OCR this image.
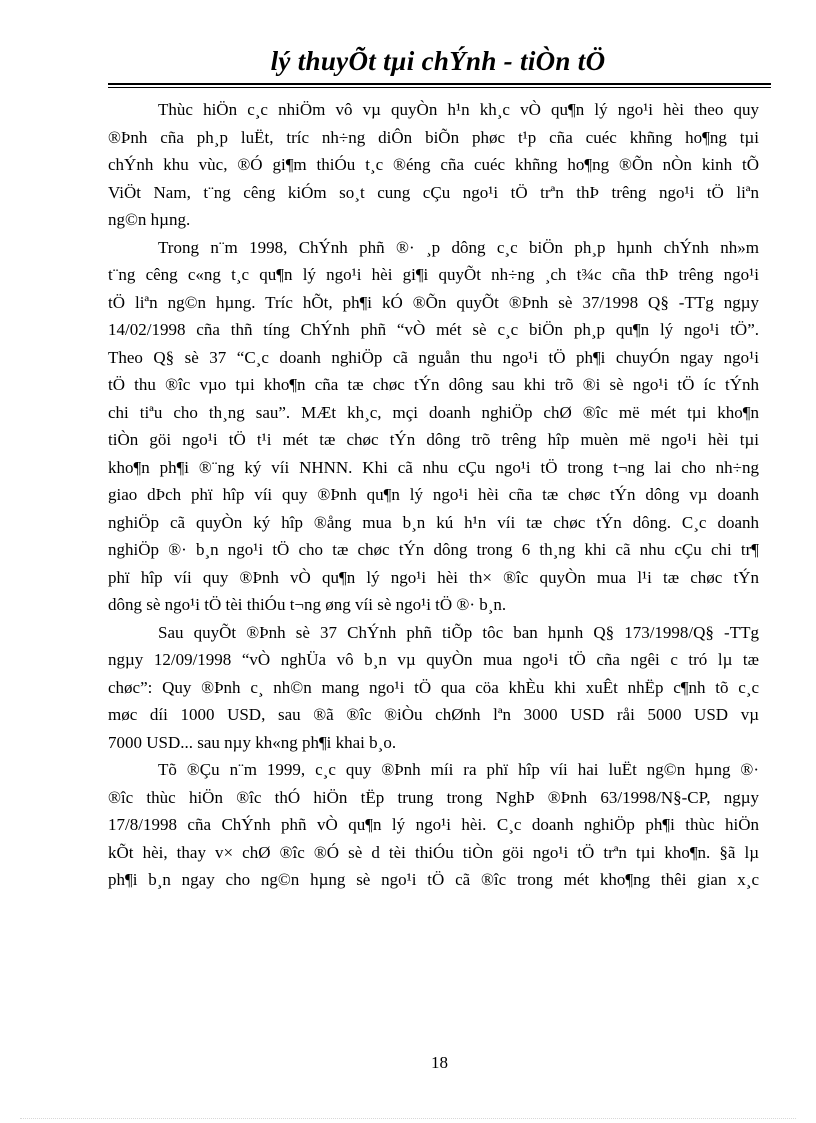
lý thuyÕt tµi chÝnh - tiÒn tÖ
Thùc hiÖn c¸c nhiÖm vô vµ quyÒn h¹n kh¸c vÒ qu¶n lý ngo¹i hèi theo quy
®Þnh cña ph¸p luËt, tríc nh÷ng diÔn biÕn phøc t¹p cña cuéc khñng ho¶ng tµi
chÝnh khu vùc, ®Ó gi¶m thiÓu t¸c ®éng cña cuéc khñng ho¶ng ®Õn nÒn kinh tÕ
ViÖt Nam, t¨ng cêng kiÓm so¸t cung cÇu ngo¹i tÖ trªn thÞ trêng ngo¹i tÖ liªn
ng©n hµng.
Trong n¨m 1998, ChÝnh phñ ®· ¸p dông c¸c biÖn ph¸p hµnh chÝnh nh»m
t¨ng cêng c«ng t¸c qu¶n lý ngo¹i hèi gi¶i quyÕt nh÷ng ¸ch t¾c cña thÞ trêng ngo¹i
tÖ liªn ng©n hµng. Tríc hÕt, ph¶i kÓ ®Õn quyÕt ®Þnh sè 37/1998 Q§ -TTg ngµy
14/02/1998 cña thñ tíng ChÝnh phñ “vÒ mét sè c¸c biÖn ph¸p qu¶n lý ngo¹i tÖ”.
Theo Q§ sè 37 “C¸c doanh nghiÖp cã nguån thu ngo¹i tÖ ph¶i chuyÓn ngay ngo¹i
tÖ thu ®îc vµo tµi kho¶n cña tæ chøc tÝn dông sau khi trõ ®i sè ngo¹i tÖ íc tÝnh
chi tiªu cho th¸ng sau”. MÆt kh¸c, mçi doanh nghiÖp chØ ®îc më mét tµi kho¶n
tiÒn göi ngo¹i tÖ t¹i mét tæ chøc tÝn dông trõ trêng hîp muèn më ngo¹i hèi tµi
kho¶n ph¶i ®¨ng ký víi NHNN. Khi cã nhu cÇu ngo¹i tÖ trong t¬ng lai cho nh÷ng
giao dÞch phï hîp víi quy ®Þnh qu¶n lý ngo¹i hèi cña tæ chøc tÝn dông vµ doanh
nghiÖp cã quyÒn ký hîp ®ång mua b¸n kú h¹n víi tæ chøc tÝn dông. C¸c doanh
nghiÖp ®· b¸n ngo¹i tÖ cho tæ chøc tÝn dông trong 6 th¸ng khi cã nhu cÇu chi tr¶
phï hîp víi quy ®Þnh vÒ qu¶n lý ngo¹i hèi th× ®îc quyÒn mua l¹i tæ chøc tÝn
dông sè ngo¹i tÖ tèi thiÓu t¬ng øng víi sè ngo¹i tÖ ®· b¸n.
Sau quyÕt ®Þnh sè 37 ChÝnh phñ tiÕp tôc ban hµnh Q§ 173/1998/Q§ -TTg
ngµy 12/09/1998 “vÒ nghÜa vô b¸n vµ quyÒn mua ngo¹i tÖ cña ngêi c tró lµ tæ
chøc”: Quy ®Þnh c¸ nh©n mang ngo¹i tÖ qua cöa khÈu khi xuÊt nhËp c¶nh tõ c¸c
møc díi 1000 USD, sau ®ã ®îc ®iÒu chØnh lªn 3000 USD råi 5000 USD vµ
7000 USD... sau nµy kh«ng ph¶i khai b¸o.
Tõ ®Çu n¨m 1999, c¸c quy ®Þnh míi ra phï hîp víi hai luËt ng©n hµng ®·
®îc thùc hiÖn ®îc thÓ hiÖn tËp trung trong NghÞ ®Þnh 63/1998/N§-CP, ngµy
17/8/1998 cña ChÝnh phñ vÒ qu¶n lý ngo¹i hèi. C¸c doanh nghiÖp ph¶i thùc hiÖn
kÕt hèi, thay v× chØ ®îc ®Ó sè d tèi thiÓu tiÒn göi ngo¹i tÖ trªn tµi kho¶n. §ã lµ
ph¶i b¸n ngay cho ng©n hµng sè ngo¹i tÖ cã ®îc trong mét kho¶ng thêi gian x¸c
18
